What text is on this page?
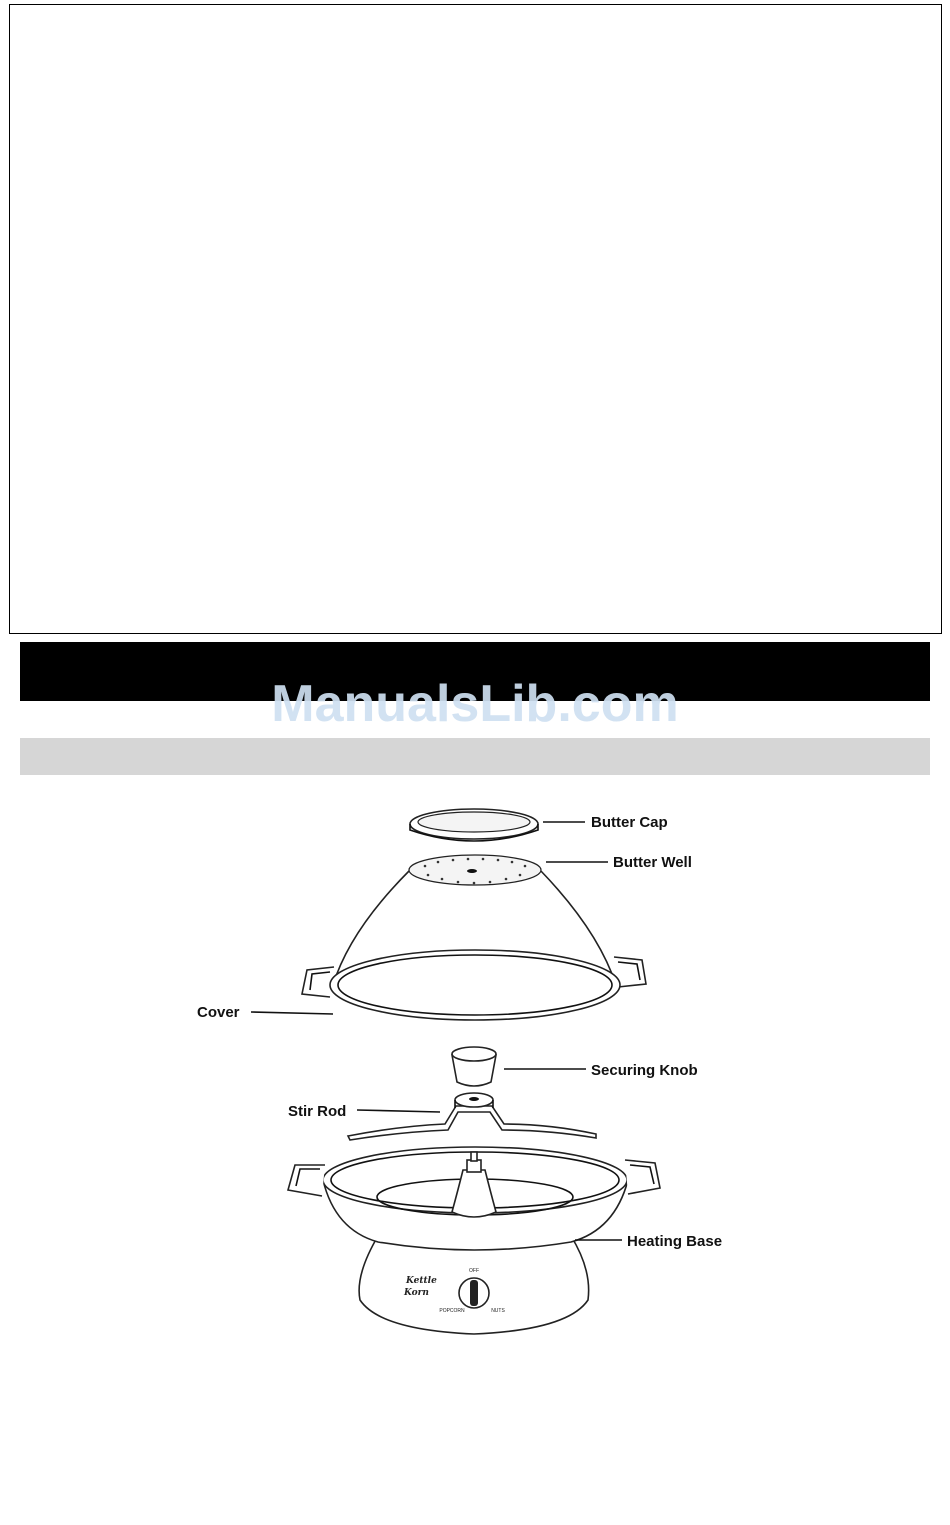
ManualsLib.com
OFF
POPCORN	NUTS
Kettle
Korn
Butter Cap
Butter Well
Cover
Securing Knob
Stir Rod
Heating Base
